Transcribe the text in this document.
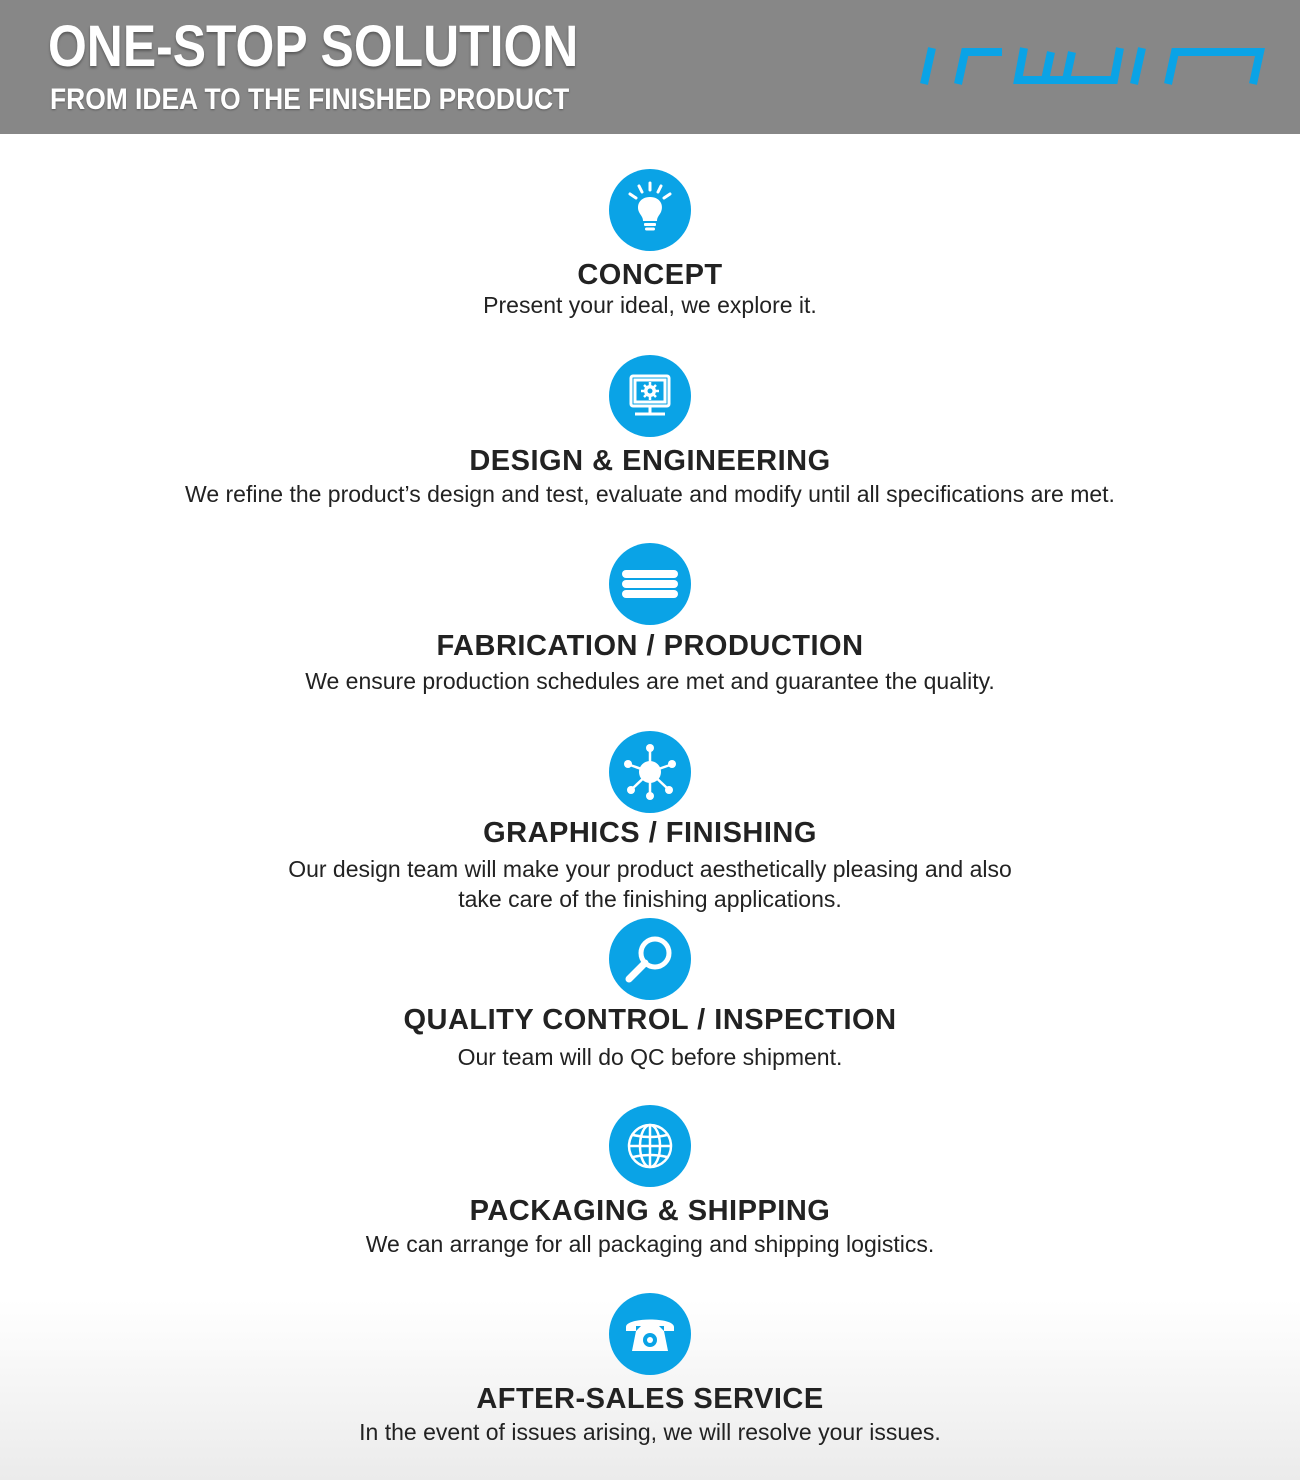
ONE-STOP SOLUTION
FROM IDEA TO THE FINISHED PRODUCT
CONCEPT
Present your ideal, we explore it.
DESIGN & ENGINEERING
We refine the product’s design and test, evaluate and modify until all specifications are met.
FABRICATION / PRODUCTION
We ensure production schedules are met and guarantee the quality.
GRAPHICS / FINISHING
Our design team will make your product aesthetically pleasing and also
take care of the finishing applications.
QUALITY CONTROL / INSPECTION
Our team will do QC before shipment.
PACKAGING & SHIPPING
We can arrange for all packaging and shipping logistics.
AFTER-SALES SERVICE
In the event of issues arising, we will resolve your issues.
